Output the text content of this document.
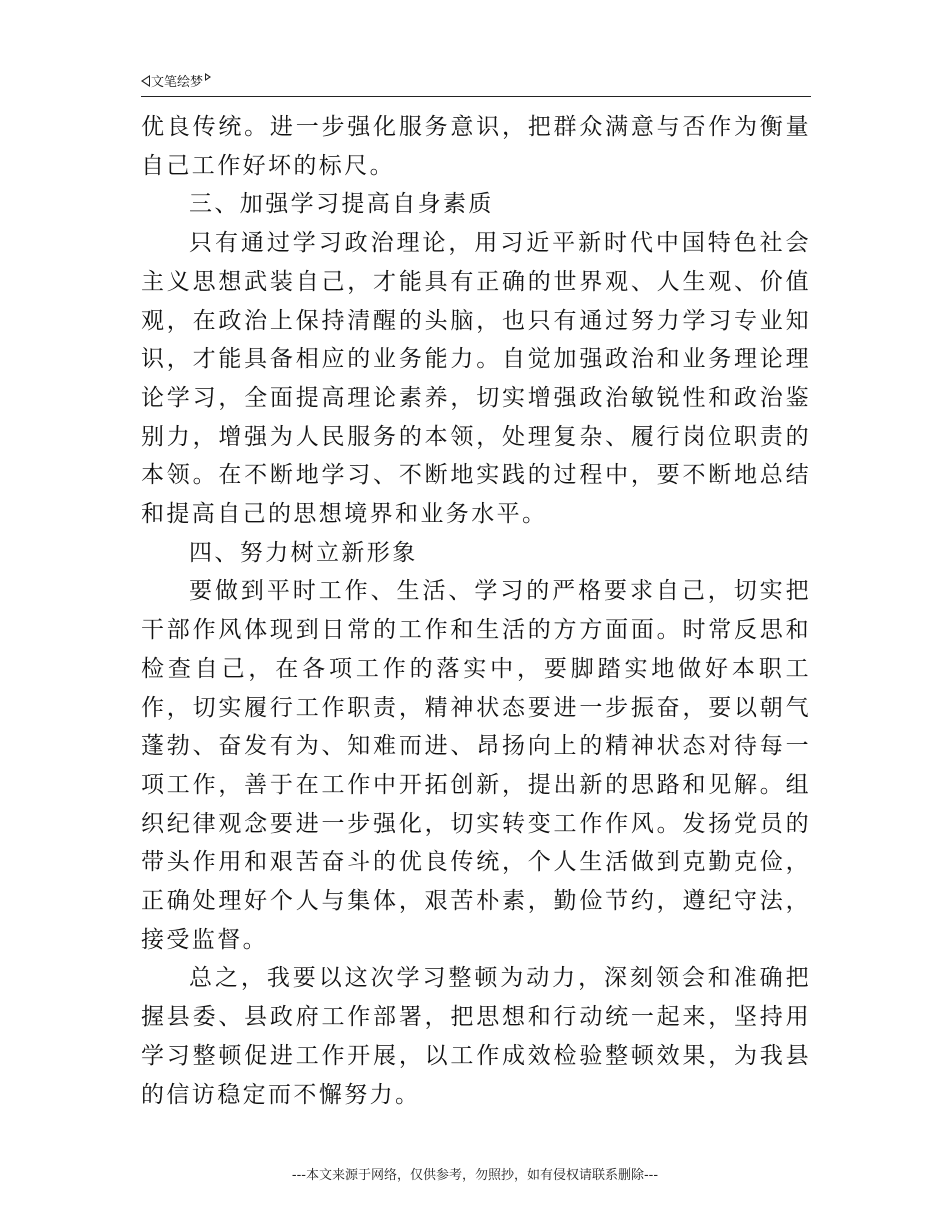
文笔绘梦

优良传统。进一步强化服务意识，把群众满意与否作为衡量自己工作好坏的标尺。

三、加强学习提高自身素质

只有通过学习政治理论，用习近平新时代中国特色社会主义思想武装自己，才能具有正确的世界观、人生观、价值观，在政治上保持清醒的头脑，也只有通过努力学习专业知识，才能具备相应的业务能力。自觉加强政治和业务理论理论学习，全面提高理论素养，切实增强政治敏锐性和政治鉴别力，增强为人民服务的本领，处理复杂、履行岗位职责的本领。在不断地学习、不断地实践的过程中，要不断地总结和提高自己的思想境界和业务水平。

四、努力树立新形象

要做到平时工作、生活、学习的严格要求自己，切实把干部作风体现到日常的工作和生活的方方面面。时常反思和检查自己，在各项工作的落实中，要脚踏实地做好本职工作，切实履行工作职责，精神状态要进一步振奋，要以朝气蓬勃、奋发有为、知难而进、昂扬向上的精神状态对待每一项工作，善于在工作中开拓创新，提出新的思路和见解。组织纪律观念要进一步强化，切实转变工作作风。发扬党员的带头作用和艰苦奋斗的优良传统，个人生活做到克勤克俭，正确处理好个人与集体，艰苦朴素，勤俭节约，遵纪守法，接受监督。

总之，我要以这次学习整顿为动力，深刻领会和准确把握县委、县政府工作部署，把思想和行动统一起来，坚持用学习整顿促进工作开展，以工作成效检验整顿效果，为我县的信访稳定而不懈努力。

---本文来源于网络，仅供参考，勿照抄，如有侵权请联系删除---
